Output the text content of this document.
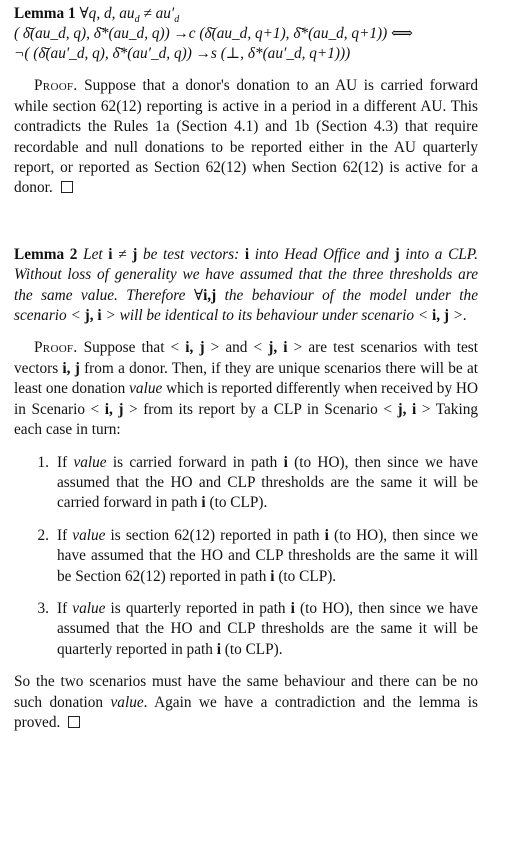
Lemma 1 ∀q, d, $au_d \ne au'_d$

( δ̄(au_d, q), δ̄*(au_d, q)) →c (δ̄(au_d, q+1), δ̄*(au_d, q+1)) ⟺

¬( (δ̄(au′_d, q), δ̄*(au′_d, q)) →s (⊥, δ*(au′_d, q+1)))

Proof. Suppose that a donor's donation to an AU is carried forward while section 62(12) reporting is active in a period in a different AU. This contradicts the Rules 1a (Section 4.1) and 1b (Section 4.3) that require recordable and null donations to be reported either in the AU quarterly report, or reported as Section 62(12) when Section 62(12) is active for a donor.

Lemma 2 Let i ≠ j be test vectors: i into Head Office and j into a CLP. Without loss of generality we have assumed that the three thresholds are the same value. Therefore ∀i,j the behaviour of the model under the scenario < j, i > will be identical to its behaviour under scenario < i, j >.

Proof. Suppose that < i, j > and < j, i > are test scenarios with test vectors i, j from a donor. Then, if they are unique scenarios there will be at least one donation value which is reported differently when received by HO in Scenario < i, j > from its report by a CLP in Scenario < j, i > Taking each case in turn:

1. If value is carried forward in path i (to HO), then since we have assumed that the HO and CLP thresholds are the same it will be carried forward in path i (to CLP).
2. If value is section 62(12) reported in path i (to HO), then since we have assumed that the HO and CLP thresholds are the same it will be Section 62(12) reported in path i (to CLP).
3. If value is quarterly reported in path i (to HO), then since we have assumed that the HO and CLP thresholds are the same it will be quarterly reported in path i (to CLP).

So the two scenarios must have the same behaviour and there can be no such donation value. Again we have a contradiction and the lemma is proved.
